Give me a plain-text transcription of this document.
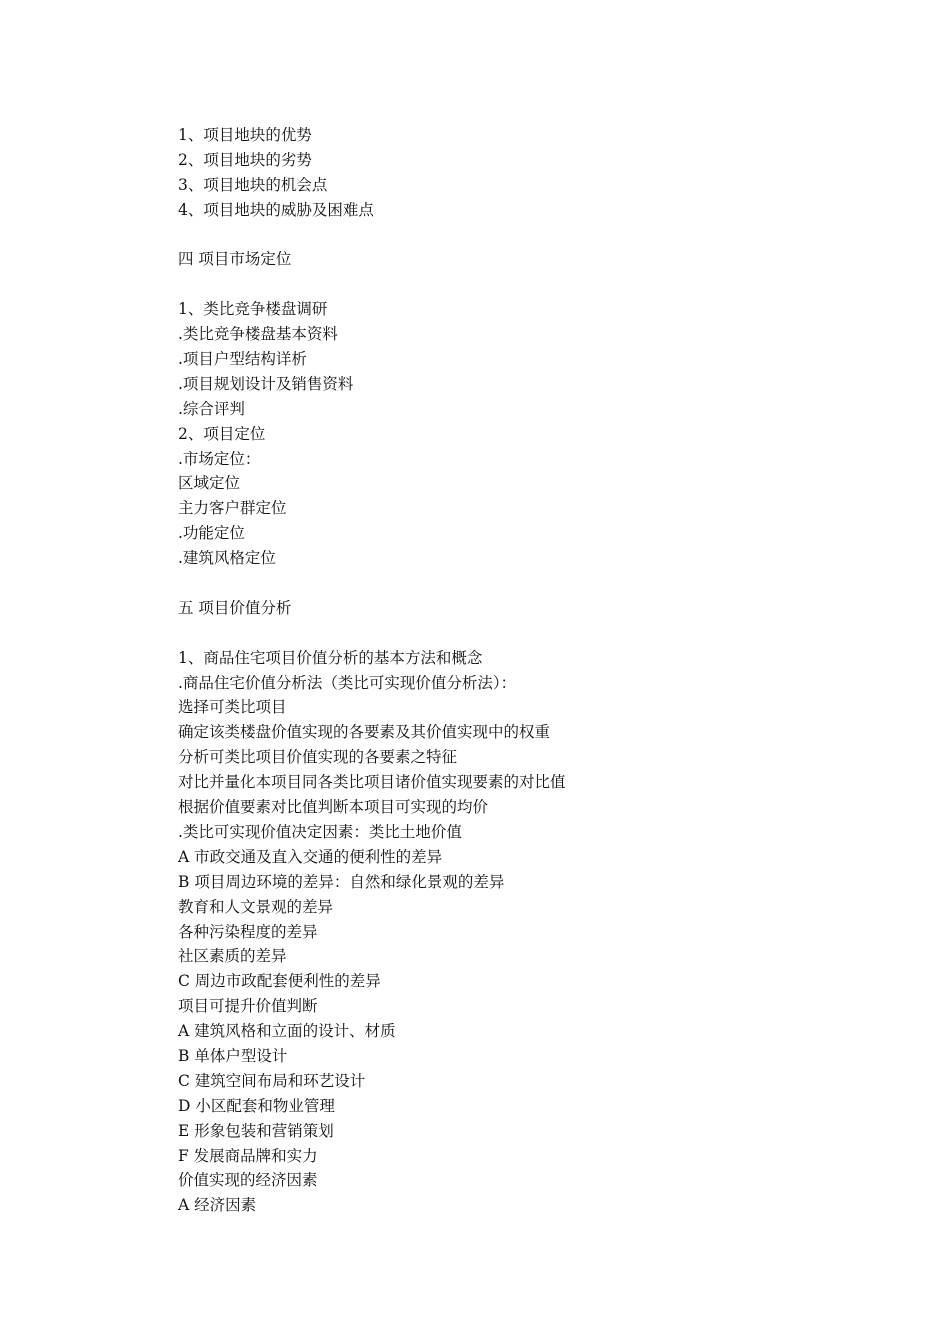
1、项目地块的优势
2、项目地块的劣势
3、项目地块的机会点
4、项目地块的威胁及困难点
四 项目市场定位
1、类比竞争楼盘调研
.类比竞争楼盘基本资料
.项目户型结构详析
.项目规划设计及销售资料
.综合评判
2、项目定位
.市场定位：
区域定位
主力客户群定位
.功能定位
.建筑风格定位
五 项目价值分析
1、商品住宅项目价值分析的基本方法和概念
.商品住宅价值分析法（类比可实现价值分析法）：
选择可类比项目
确定该类楼盘价值实现的各要素及其价值实现中的权重
分析可类比项目价值实现的各要素之特征
对比并量化本项目同各类比项目诸价值实现要素的对比值
根据价值要素对比值判断本项目可实现的均价
.类比可实现价值决定因素：类比土地价值
A 市政交通及直入交通的便利性的差异
B 项目周边环境的差异：自然和绿化景观的差异
教育和人文景观的差异
各种污染程度的差异
社区素质的差异
C 周边市政配套便利性的差异
项目可提升价值判断
A 建筑风格和立面的设计、材质
B 单体户型设计
C 建筑空间布局和环艺设计
D 小区配套和物业管理
E 形象包装和营销策划
F 发展商品牌和实力
价值实现的经济因素
A 经济因素
